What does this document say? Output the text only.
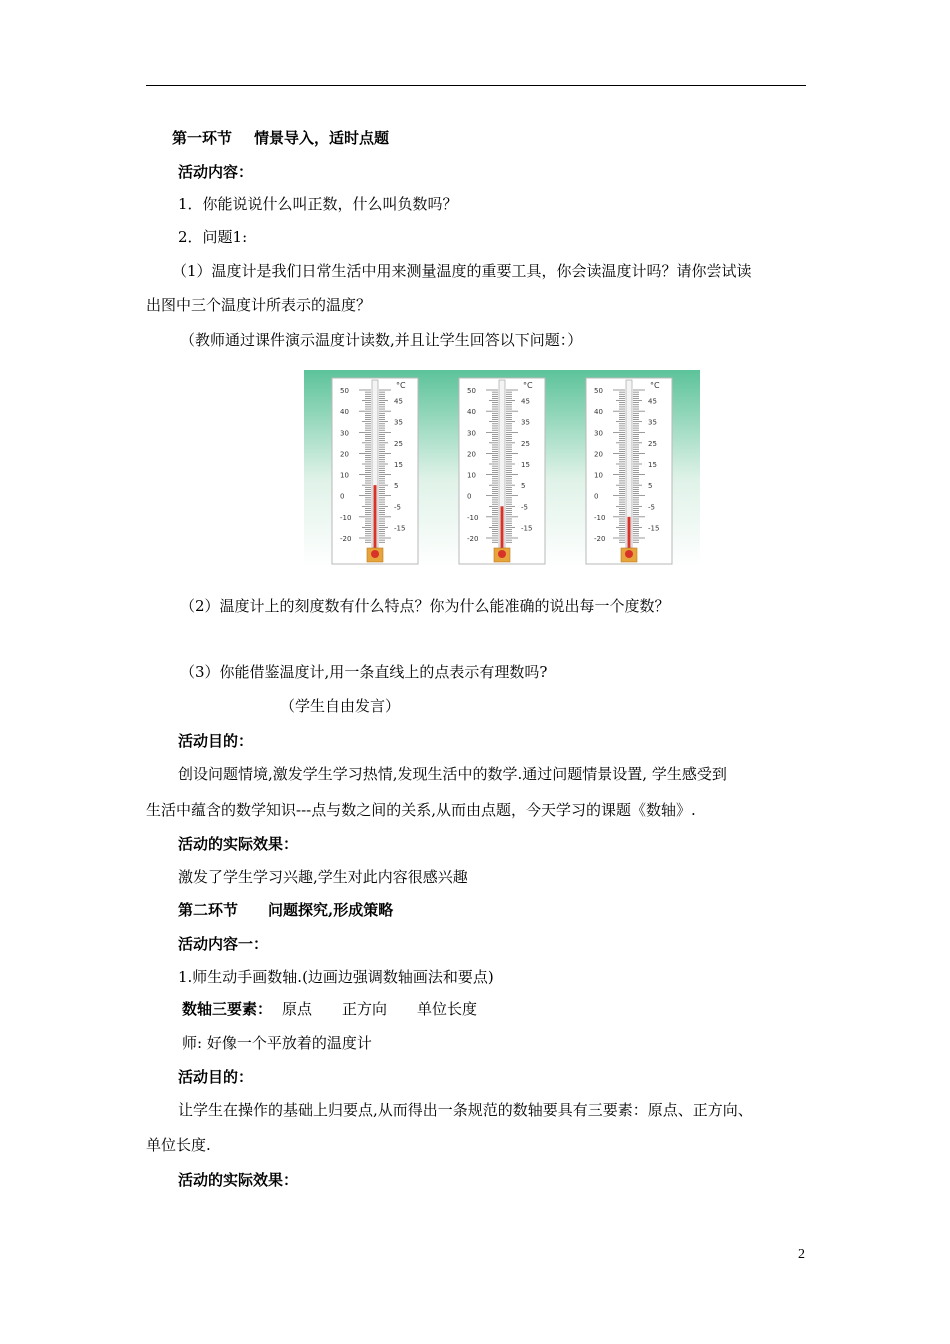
第一环节 情景导入，适时点题
活动内容：
1．你能说说什么叫正数，什么叫负数吗？
2．问题1:
（1）温度计是我们日常生活中用来测量温度的重要工具，你会读温度计吗？请你尝试读
出图中三个温度计所表示的温度？
（教师通过课件演示温度计读数,并且让学生回答以下问题：）
50
40
30
20
10
0
-10
-20
45
35
25
15
5
-5
-15
°C
50
40
30
20
10
0
-10
-20
45
35
25
15
5
-5
-15
°C
50
40
30
20
10
0
-10
-20
45
35
25
15
5
-5
-15
°C
（2）温度计上的刻度数有什么特点？你为什么能准确的说出每一个度数？
（3）你能借鉴温度计,用一条直线上的点表示有理数吗?
（学生自由发言）
活动目的：
创设问题情境,激发学生学习热情,发现生活中的数学.通过问题情景设置, 学生感受到
生活中蕴含的数学知识---点与数之间的关系,从而由点题，今天学习的课题《数轴》.
活动的实际效果：
激发了学生学习兴趣,学生对此内容很感兴趣
第二环节 问题探究,形成策略
活动内容一：
1.师生动手画数轴.(边画边强调数轴画法和要点)
数轴三要素： 原点 正方向 单位长度
师: 好像一个平放着的温度计
活动目的：
让学生在操作的基础上归要点,从而得出一条规范的数轴要具有三要素：原点、正方向、
单位长度.
活动的实际效果：
2
